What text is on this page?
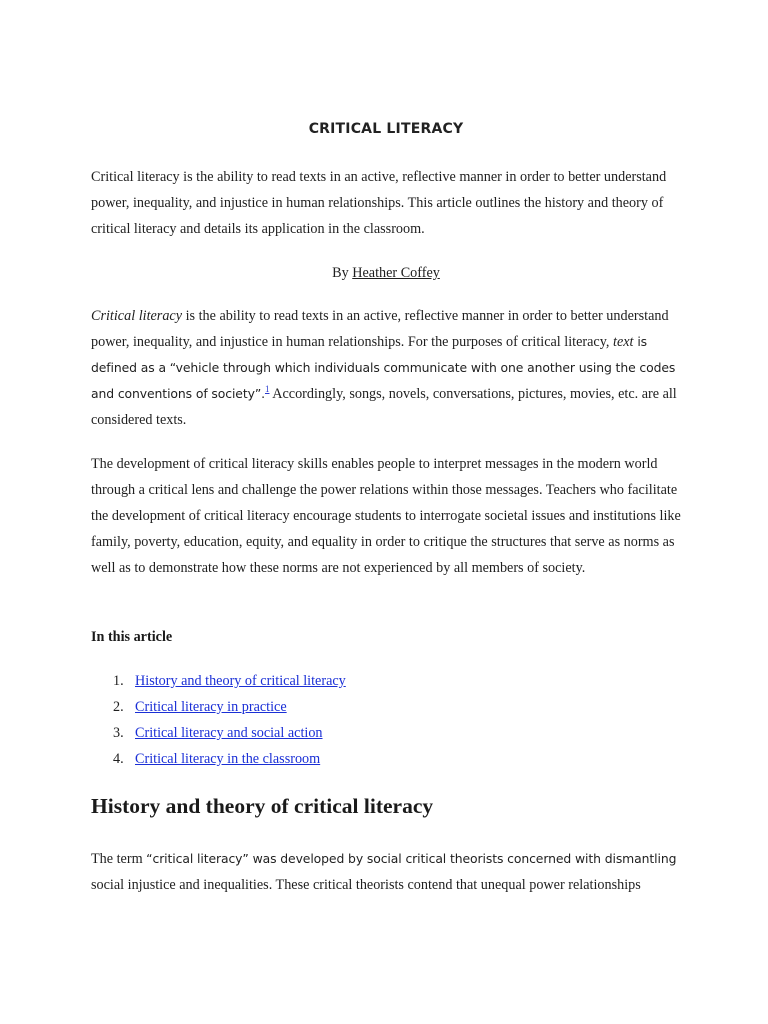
CRITICAL LITERACY

Critical literacy is the ability to read texts in an active, reflective manner in order to better understand power, inequality, and injustice in human relationships. This article outlines the history and theory of critical literacy and details its application in the classroom.

By Heather Coffey

Critical literacy is the ability to read texts in an active, reflective manner in order to better understand power, inequality, and injustice in human relationships. For the purposes of critical literacy, text is defined as a “vehicle through which individuals communicate with one another using the codes and conventions of society”.$^1$ Accordingly, songs, novels, conversations, pictures, movies, etc. are all considered texts.

The development of critical literacy skills enables people to interpret messages in the modern world through a critical lens and challenge the power relations within those messages. Teachers who facilitate the development of critical literacy encourage students to interrogate societal issues and institutions like family, poverty, education, equity, and equality in order to critique the structures that serve as norms as well as to demonstrate how these norms are not experienced by all members of society.

In this article
1. History and theory of critical literacy
2. Critical literacy in practice
3. Critical literacy and social action
4. Critical literacy in the classroom
History and theory of critical literacy

The term “critical literacy” was developed by social critical theorists concerned with dismantling social injustice and inequalities. These critical theorists contend that unequal power relationships
